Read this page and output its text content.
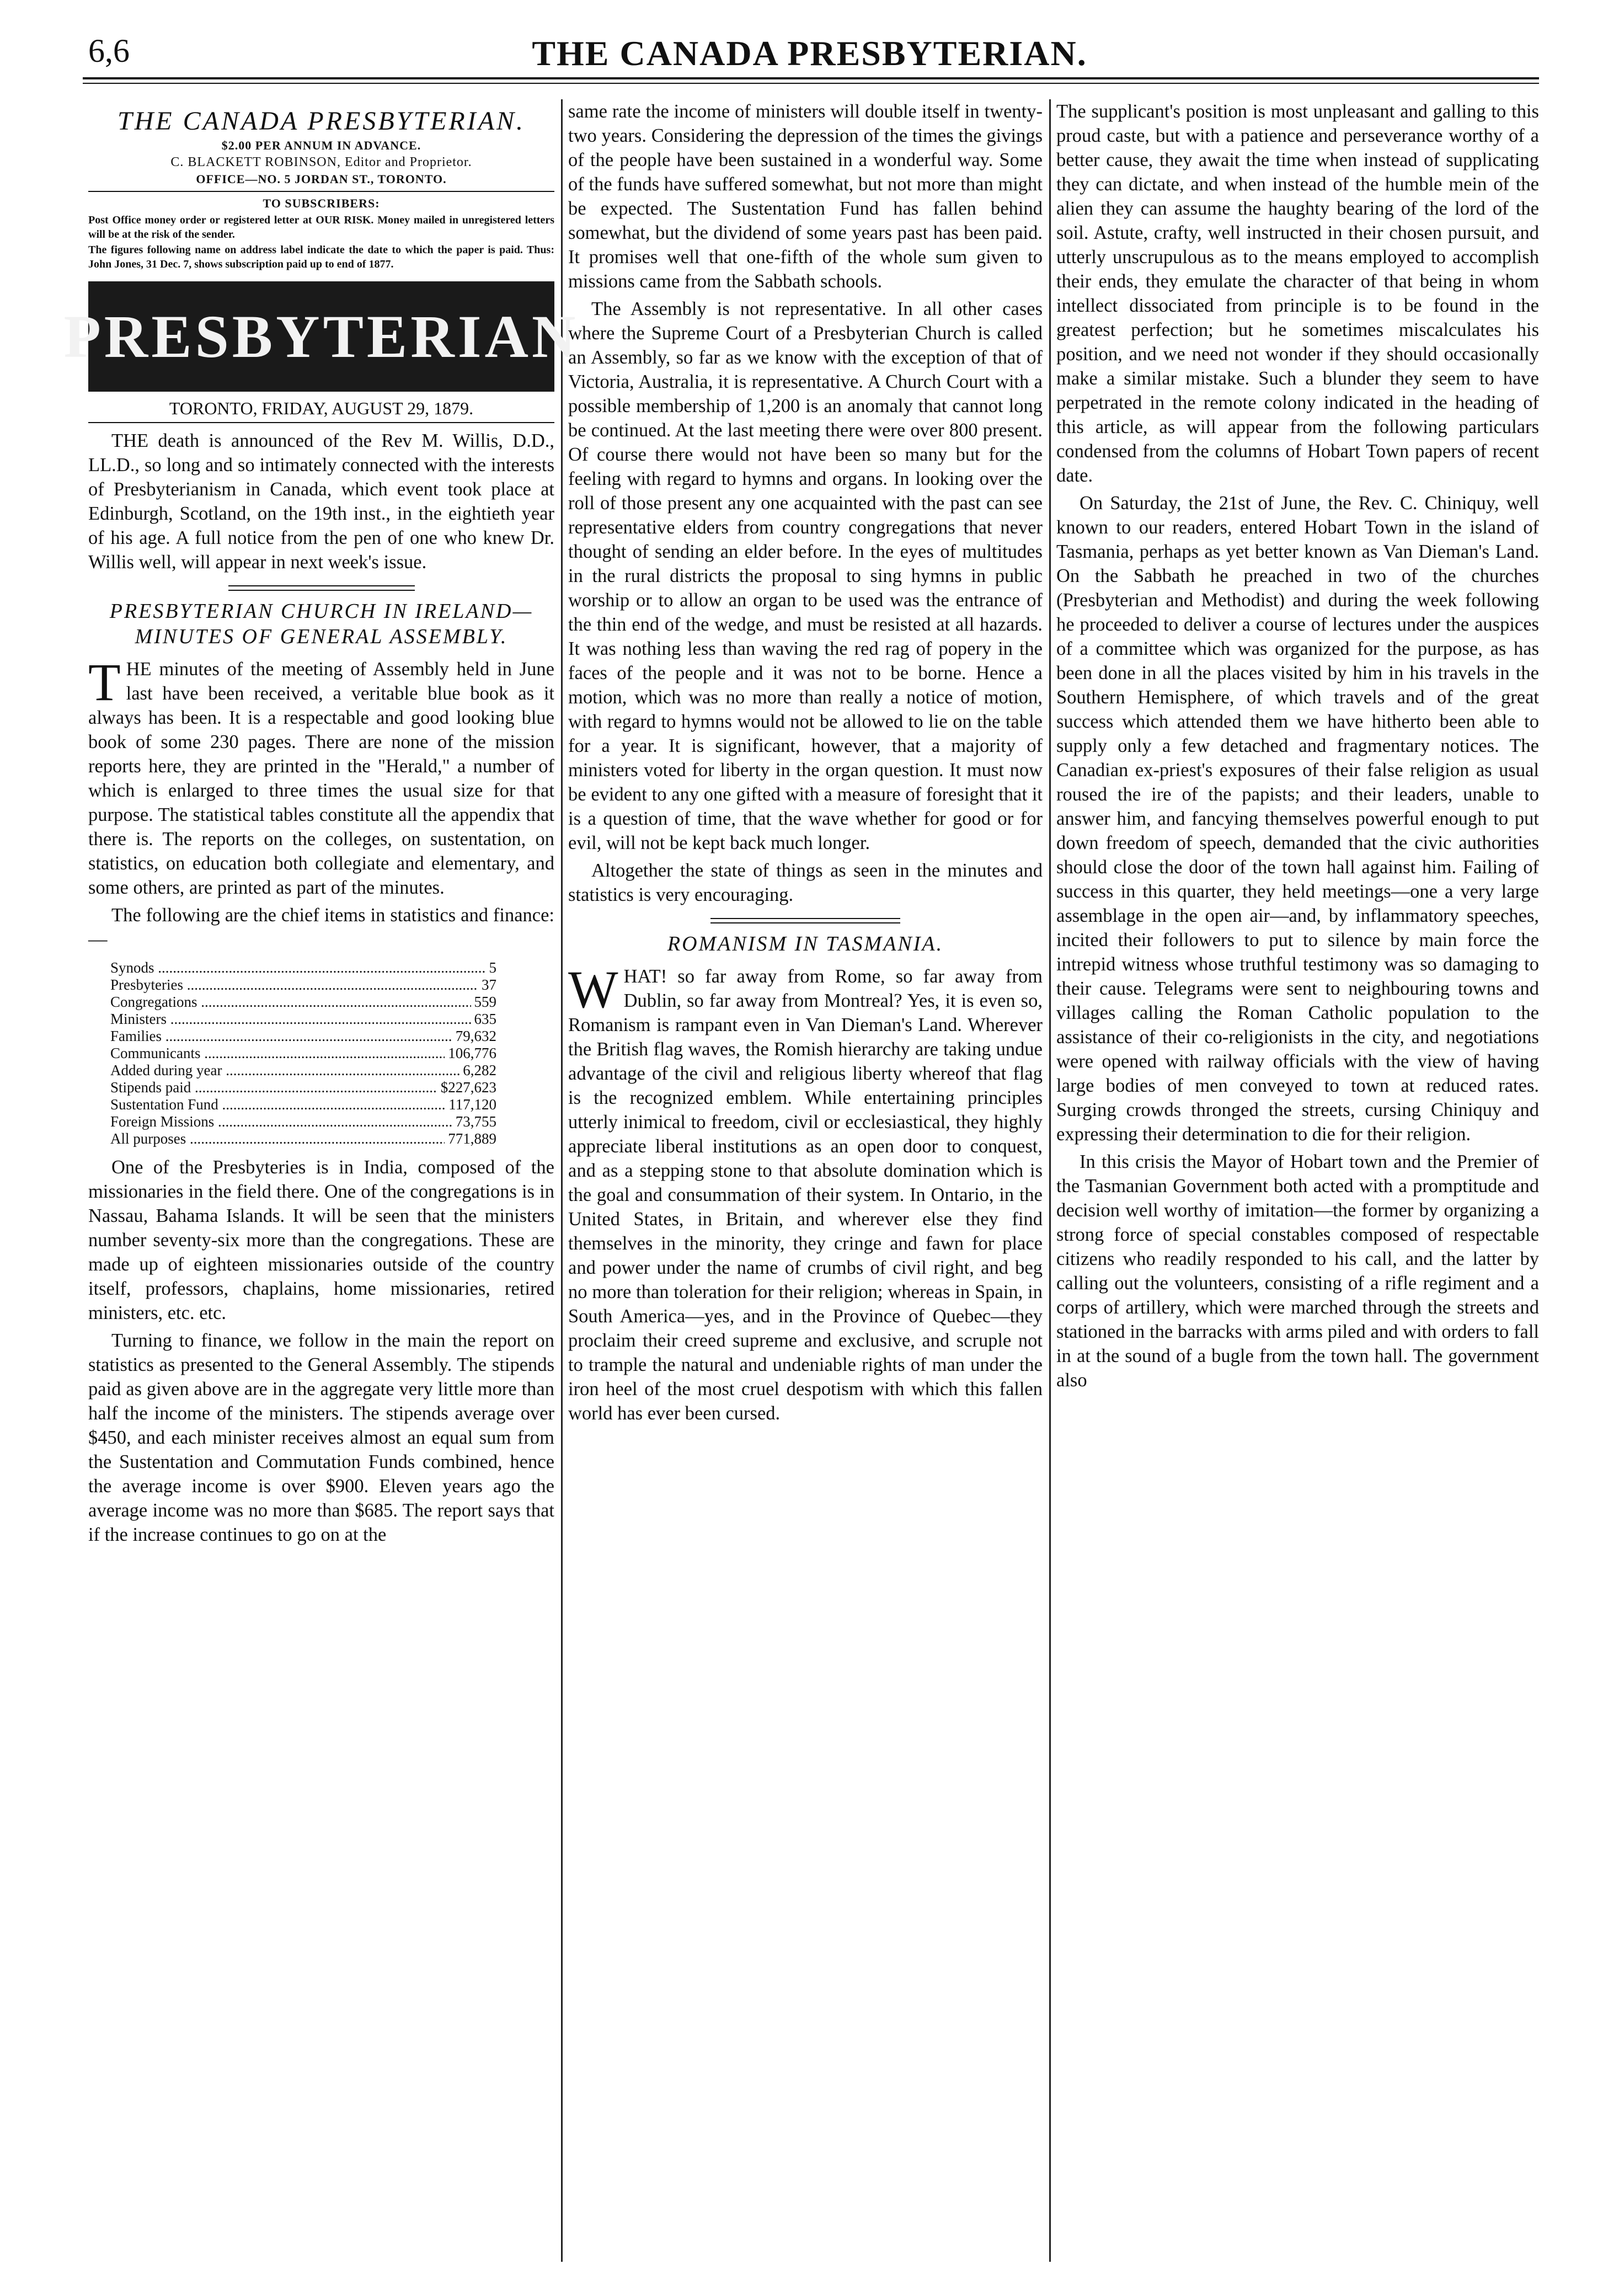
6,6	THE CANADA PRESBYTERIAN.
THE CANADA PRESBYTERIAN.
$2.00 PER ANNUM IN ADVANCE.
C. BLACKETT ROBINSON, Editor and Proprietor.
OFFICE—NO. 5 JORDAN ST., TORONTO.
TO SUBSCRIBERS:
Post Office money order or registered letter at OUR RISK. Money mailed in unregistered letters will be at the risk of the sender.
The figures following name on address label indicate the date to which the paper is paid. Thus: John Jones, 31 Dec. 7, shows subscription paid up to end of 1877.
PRESBYTERIAN
TORONTO, FRIDAY, AUGUST 29, 1879.

THE death is announced of the Rev M. Willis, D.D., LL.D., so long and so intimately connected with the interests of Presbyterianism in Canada, which event took place at Edinburgh, Scotland, on the 19th inst., in the eightieth year of his age. A full notice from the pen of one who knew Dr. Willis well, will appear in next week's issue.

PRESBYTERIAN CHURCH IN IRELAND—MINUTES OF GENERAL ASSEMBLY.

THE minutes of the meeting of Assembly held in June last have been received, a veritable blue book as it always has been. It is a respectable and good looking blue book of some 230 pages. There are none of the mission reports here, they are printed in the "Herald," a number of which is enlarged to three times the usual size for that purpose. The statistical tables constitute all the appendix that there is. The reports on the colleges, on sustentation, on statistics, on education both collegiate and elementary, and some others, are printed as part of the minutes.

The following are the chief items in statistics and finance:—

Synods .....	5
Presbyteries .....	37
Congregations .....	559
Ministers .....	635
Families .....	79,632
Communicants .....	106,776
Added during year .....	6,282
Stipends paid .....	$227,623
Sustentation Fund .....	117,120
Foreign Missions .....	73,755
All purposes .....	771,889

One of the Presbyteries is in India, composed of the missionaries in the field there. One of the congregations is in Nassau, Bahama Islands. It will be seen that the ministers number seventy-six more than the congregations. These are made up of eighteen missionaries outside of the country itself, professors, chaplains, home missionaries, retired ministers, etc. etc.

Turning to finance, we follow in the main the report on statistics as presented to the General Assembly. The stipends paid as given above are in the aggregate very little more than half the income of the ministers. The stipends average over $450, and each minister receives almost an equal sum from the Sustentation and Commutation Funds combined, hence the average income is over $900. Eleven years ago the average income was no more than $685. The report says that if the increase continues to go on at the

same rate the income of ministers will double itself in twenty-two years. Considering the depression of the times the givings of the people have been sustained in a wonderful way. Some of the funds have suffered somewhat, but not more than might be expected. The Sustentation Fund has fallen behind somewhat, but the dividend of some years past has been paid. It promises well that one-fifth of the whole sum given to missions came from the Sabbath schools.

The Assembly is not representative. In all other cases where the Supreme Court of a Presbyterian Church is called an Assembly, so far as we know with the exception of that of Victoria, Australia, it is representative. A Church Court with a possible membership of 1,200 is an anomaly that cannot long be continued. At the last meeting there were over 800 present. Of course there would not have been so many but for the feeling with regard to hymns and organs. In looking over the roll of those present any one acquainted with the past can see representative elders from country congregations that never thought of sending an elder before. In the eyes of multitudes in the rural districts the proposal to sing hymns in public worship or to allow an organ to be used was the entrance of the thin end of the wedge, and must be resisted at all hazards. It was nothing less than waving the red rag of popery in the faces of the people and it was not to be borne. Hence a motion, which was no more than really a notice of motion, with regard to hymns would not be allowed to lie on the table for a year. It is significant, however, that a majority of ministers voted for liberty in the organ question. It must now be evident to any one gifted with a measure of foresight that it is a question of time, that the wave whether for good or for evil, will not be kept back much longer.

Altogether the state of things as seen in the minutes and statistics is very encouraging.

ROMANISM IN TASMANIA.

WHAT! so far away from Rome, so far away from Dublin, so far away from Montreal? Yes, it is even so, Romanism is rampant even in Van Dieman's Land. Wherever the British flag waves, the Romish hierarchy are taking undue advantage of the civil and religious liberty whereof that flag is the recognized emblem. While entertaining principles utterly inimical to freedom, civil or ecclesiastical, they highly appreciate liberal institutions as an open door to conquest, and as a stepping stone to that absolute domination which is the goal and consummation of their system. In Ontario, in the United States, in Britain, and wherever else they find themselves in the minority, they cringe and fawn for place and power under the name of crumbs of civil right, and beg no more than toleration for their religion; whereas in Spain, in South America—yes, and in the Province of Quebec—they proclaim their creed supreme and exclusive, and scruple not to trample the natural and undeniable rights of man under the iron heel of the most cruel despotism with which this fallen world has ever been cursed.

The supplicant's position is most unpleasant and galling to this proud caste, but with a patience and perseverance worthy of a better cause, they await the time when instead of supplicating they can dictate, and when instead of the humble mein of the alien they can assume the haughty bearing of the lord of the soil. Astute, crafty, well instructed in their chosen pursuit, and utterly unscrupulous as to the means employed to accomplish their ends, they emulate the character of that being in whom intellect dissociated from principle is to be found in the greatest perfection; but he sometimes miscalculates his position, and we need not wonder if they should occasionally make a similar mistake. Such a blunder they seem to have perpetrated in the remote colony indicated in the heading of this article, as will appear from the following particulars condensed from the columns of Hobart Town papers of recent date.

On Saturday, the 21st of June, the Rev. C. Chiniquy, well known to our readers, entered Hobart Town in the island of Tasmania, perhaps as yet better known as Van Dieman's Land. On the Sabbath he preached in two of the churches (Presbyterian and Methodist) and during the week following he proceeded to deliver a course of lectures under the auspices of a committee which was organized for the purpose, as has been done in all the places visited by him in his travels in the Southern Hemisphere, of which travels and of the great success which attended them we have hitherto been able to supply only a few detached and fragmentary notices. The Canadian ex-priest's exposures of their false religion as usual roused the ire of the papists; and their leaders, unable to answer him, and fancying themselves powerful enough to put down freedom of speech, demanded that the civic authorities should close the door of the town hall against him. Failing of success in this quarter, they held meetings—one a very large assemblage in the open air—and, by inflammatory speeches, incited their followers to put to silence by main force the intrepid witness whose truthful testimony was so damaging to their cause. Telegrams were sent to neighbouring towns and villages calling the Roman Catholic population to the assistance of their co-religionists in the city, and negotiations were opened with railway officials with the view of having large bodies of men conveyed to town at reduced rates. Surging crowds thronged the streets, cursing Chiniquy and expressing their determination to die for their religion.

In this crisis the Mayor of Hobart town and the Premier of the Tasmanian Government both acted with a promptitude and decision well worthy of imitation—the former by organizing a strong force of special constables composed of respectable citizens who readily responded to his call, and the latter by calling out the volunteers, consisting of a rifle regiment and a corps of artillery, which were marched through the streets and stationed in the barracks with arms piled and with orders to fall in at the sound of a bugle from the town hall. The government also
